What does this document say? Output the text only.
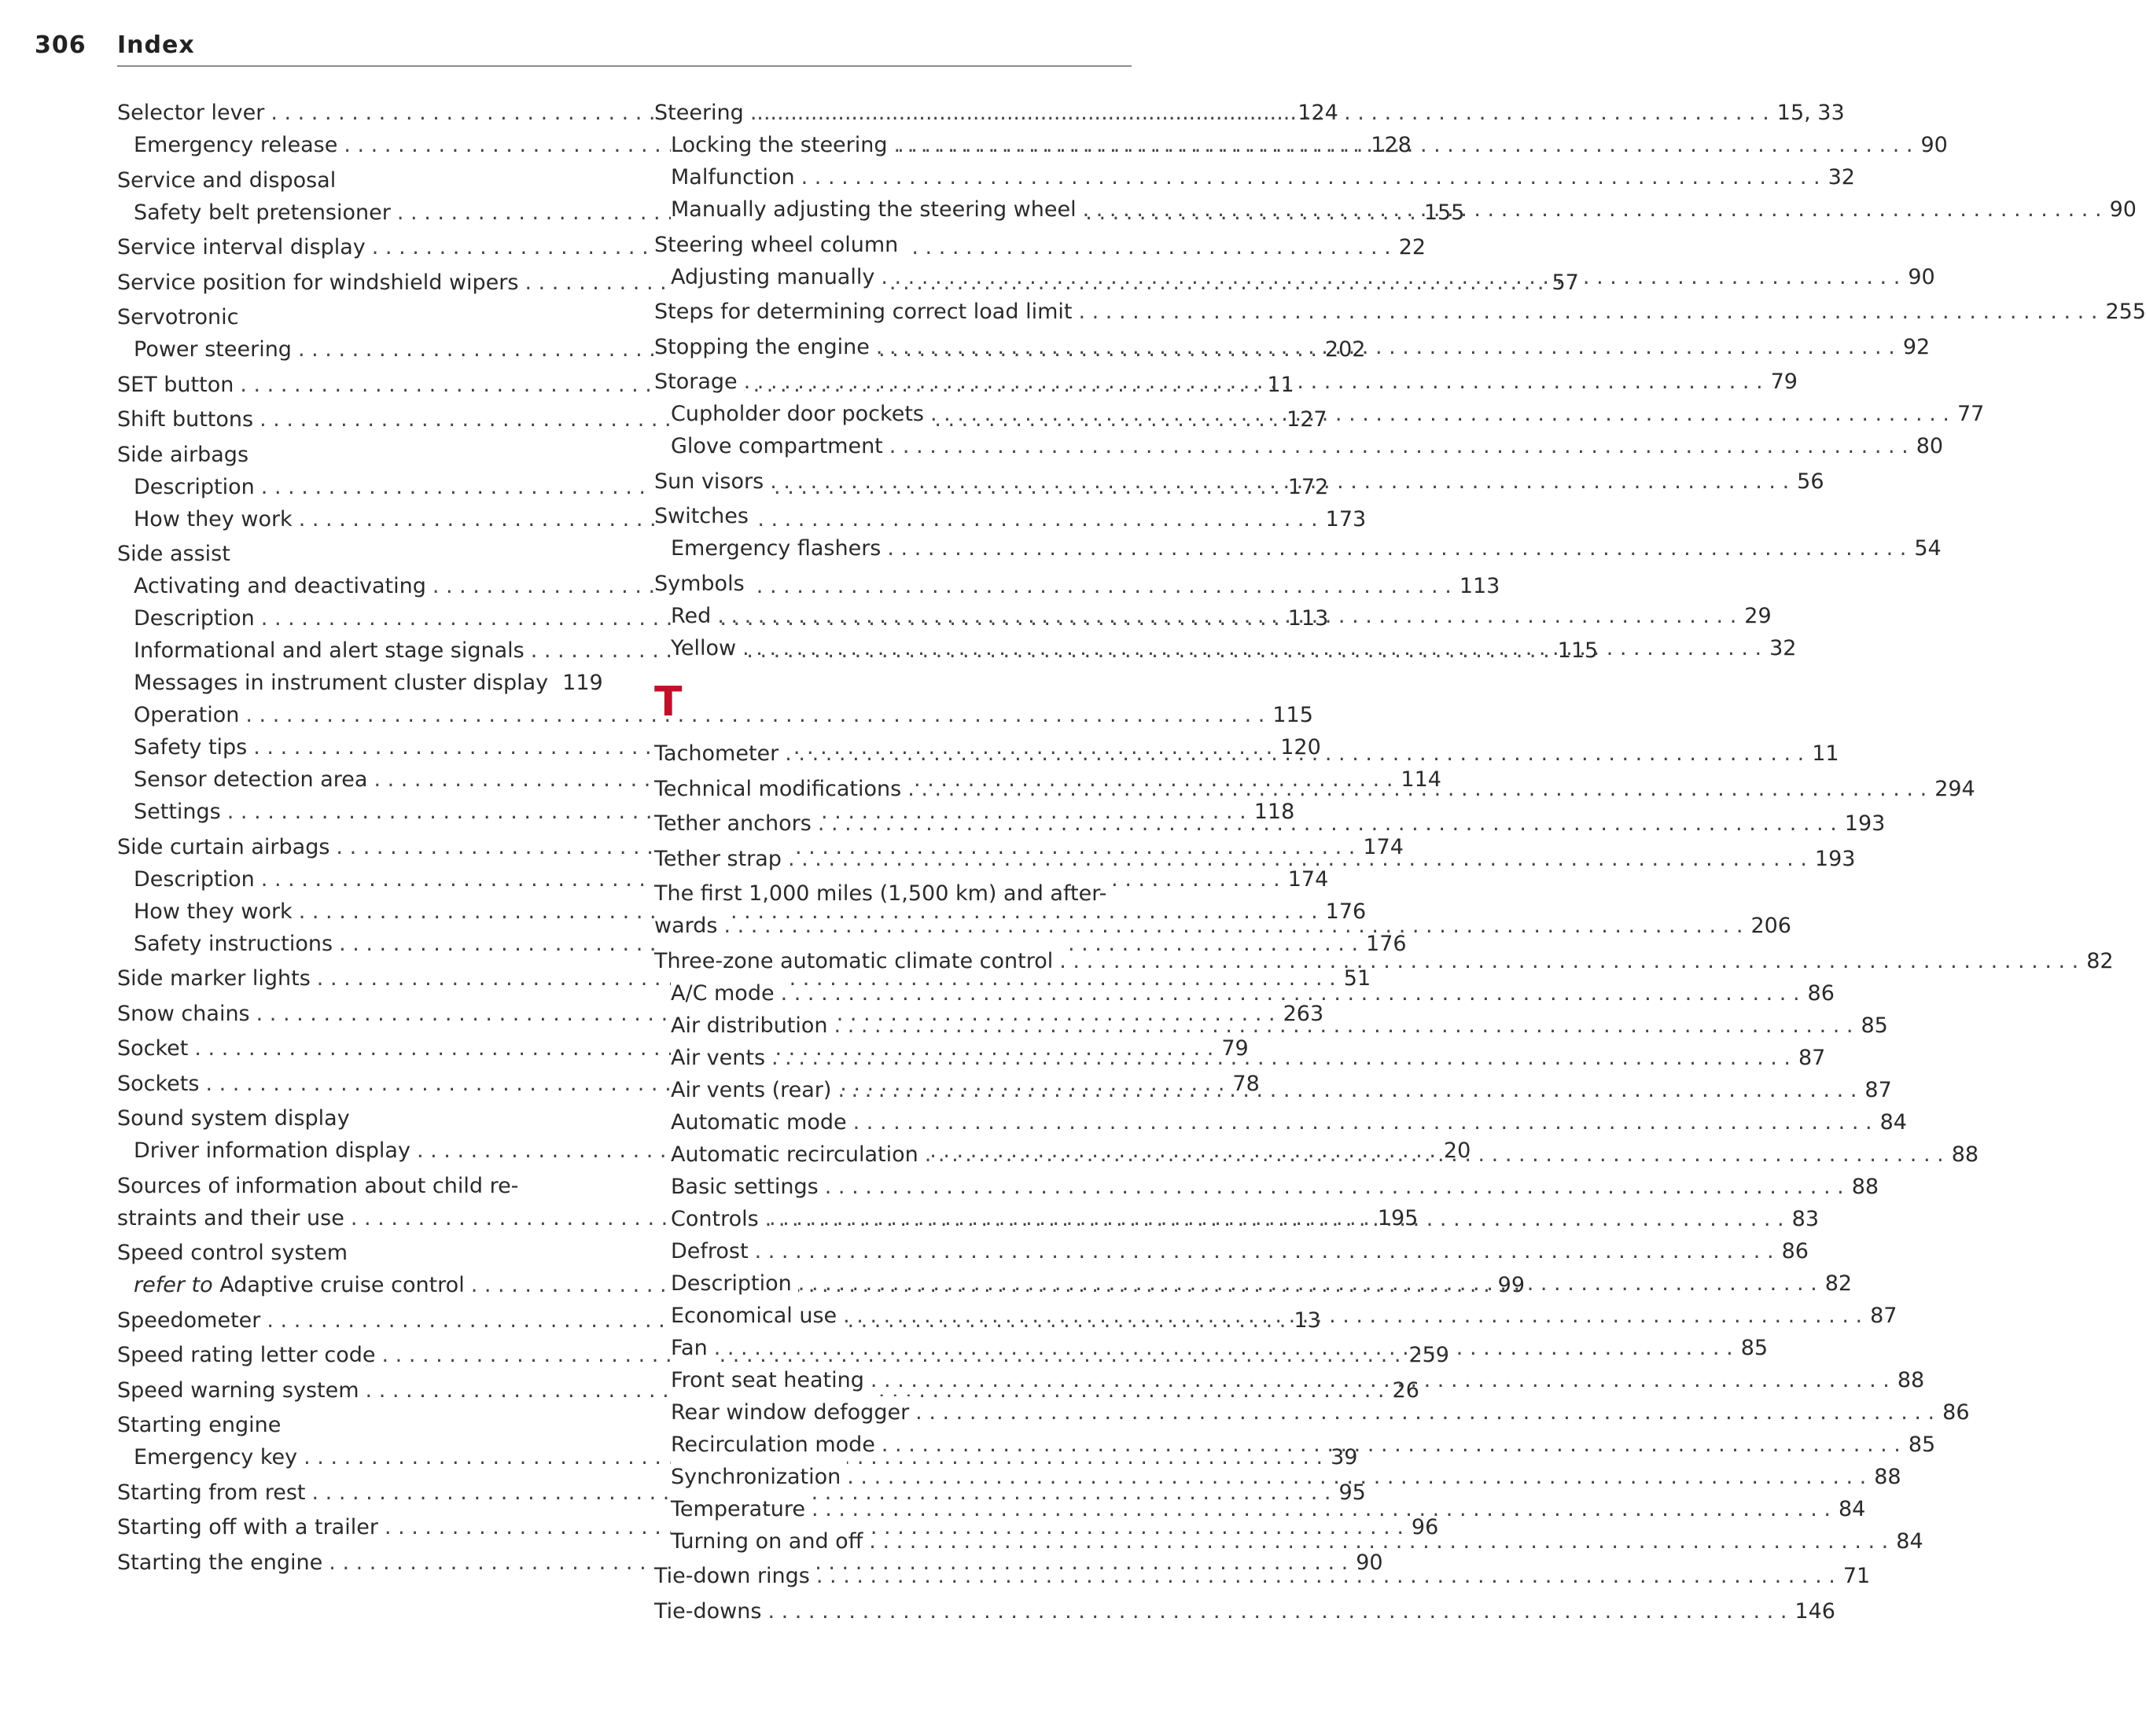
306 Index
Selector lever . . .	124
Emergency release . . .	128
Service and disposal
Safety belt pretensioner . . .	155
Service interval display . . .	22
Service position for windshield wipers . . .	57
Servotronic
Power steering . . .	202
SET button . . .	11
Shift buttons . . .	127
Side airbags
Description . . .	172
How they work . . .	173
Side assist
Activating and deactivating . . .	113
Description . . .	113
Informational and alert stage signals . . .	115
Messages in instrument cluster display 119
Operation . . .	115
Safety tips . . .	120
Sensor detection area . . .	114
Settings . . .	118
Side curtain airbags . . .	174
Description . . .	174
How they work . . .	176
Safety instructions . . .	176
Side marker lights . . .	51
Snow chains . . .	263
Socket . . .	79
Sockets . . .	78
Sound system display
Driver information display . . .	20
Sources of information about child re-
straints and their use . . .	195
Speed control system
refer to Adaptive cruise control . . .	99
Speedometer . . .	13
Speed rating letter code . . .	259
Speed warning system . . .	26
Starting engine
Emergency key . . .	39
Starting from rest . . .	95
Starting off with a trailer . . .	96
Starting the engine . . .	90
Steering . . .	15, 33
Locking the steering . . .	90
Malfunction . . .	32
Manually adjusting the steering wheel . . .	90
Steering wheel column
Adjusting manually . . .	90
Steps for determining correct load limit . . .	255
Stopping the engine . . .	92
Storage . . .	79
Cupholder door pockets . . .	77
Glove compartment . . .	80
Sun visors . . .	56
Switches
Emergency flashers . . .	54
Symbols
Red . . .	29
Yellow . . .	32
T
Tachometer . . .	11
Technical modifications . . .	294
Tether anchors . . .	193
Tether strap . . .	193
The first 1,000 miles (1,500 km) and after-
wards . . .	206
Three-zone automatic climate control . . .	82
A/C mode . . .	86
Air distribution . . .	85
Air vents . . .	87
Air vents (rear) . . .	87
Automatic mode . . .	84
Automatic recirculation . . .	88
Basic settings . . .	88
Controls . . .	83
Defrost . . .	86
Description . . .	82
Economical use . . .	87
Fan . . .	85
Front seat heating . . .	88
Rear window defogger . . .	86
Recirculation mode . . .	85
Synchronization . . .	88
Temperature . . .	84
Turning on and off . . .	84
Tie-down rings . . .	71
Tie-downs . . .	146
